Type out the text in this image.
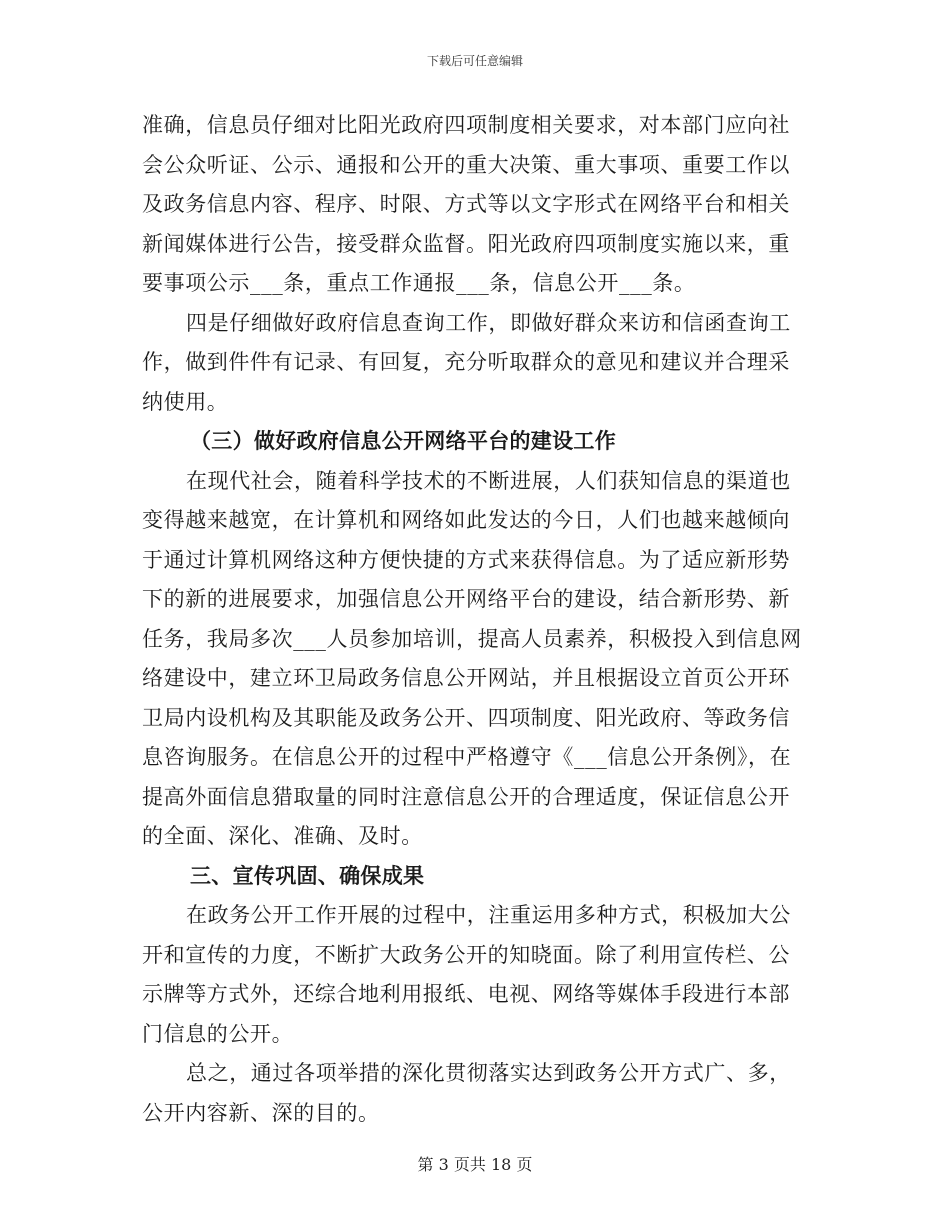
下载后可任意编辑
准确，信息员仔细对比阳光政府四项制度相关要求，对本部门应向社
会公众听证、公示、通报和公开的重大决策、重大事项、重要工作以
及政务信息内容、程序、时限、方式等以文字形式在网络平台和相关
新闻媒体进行公告，接受群众监督。阳光政府四项制度实施以来，重
要事项公示___条，重点工作通报___条，信息公开___条。
四是仔细做好政府信息查询工作，即做好群众来访和信函查询工
作，做到件件有记录、有回复，充分听取群众的意见和建议并合理采
纳使用。
（三）做好政府信息公开网络平台的建设工作
在现代社会，随着科学技术的不断进展，人们获知信息的渠道也
变得越来越宽，在计算机和网络如此发达的今日，人们也越来越倾向
于通过计算机网络这种方便快捷的方式来获得信息。为了适应新形势
下的新的进展要求，加强信息公开网络平台的建设，结合新形势、新
任务，我局多次___人员参加培训，提高人员素养，积极投入到信息网
络建设中，建立环卫局政务信息公开网站，并且根据设立首页公开环
卫局内设机构及其职能及政务公开、四项制度、阳光政府、等政务信
息咨询服务。在信息公开的过程中严格遵守《___信息公开条例》，在
提高外面信息猎取量的同时注意信息公开的合理适度，保证信息公开
的全面、深化、准确、及时。
三、宣传巩固、确保成果
在政务公开工作开展的过程中，注重运用多种方式，积极加大公
开和宣传的力度，不断扩大政务公开的知晓面。除了利用宣传栏、公
示牌等方式外，还综合地利用报纸、电视、网络等媒体手段进行本部
门信息的公开。
总之，通过各项举措的深化贯彻落实达到政务公开方式广、多，
公开内容新、深的目的。
第 3 页共 18 页
